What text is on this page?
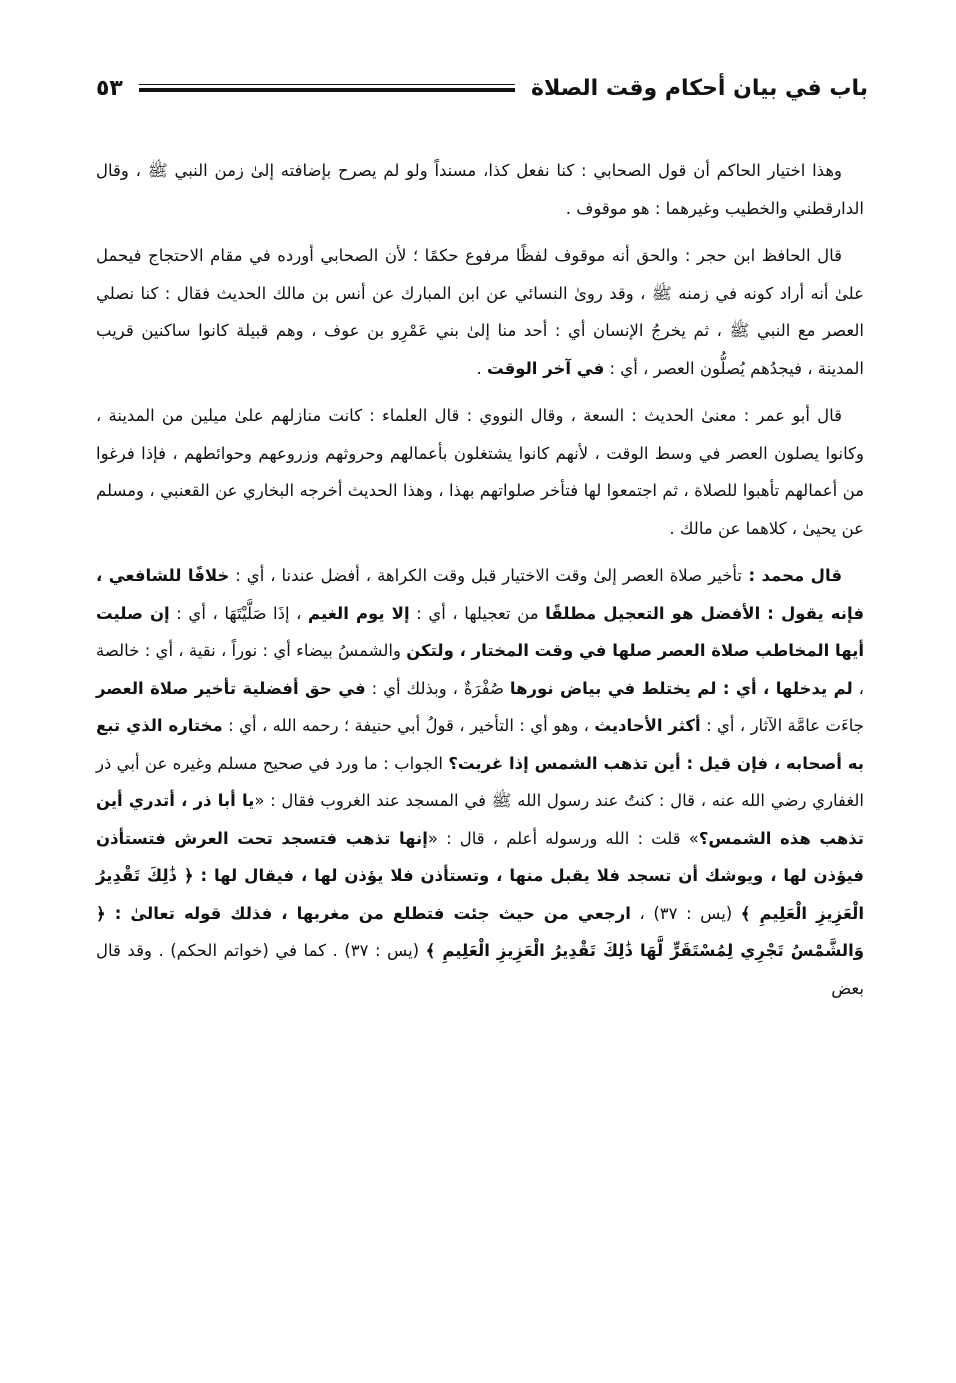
باب في بيان أحكام وقت الصلاة
٥٣

وهذا اختيار الحاكم أن قول الصحابي : كنا نفعل كذا، مسنداً ولو لم يصرح بإضافته إلىٰ زمن النبي ﷺ ، وقال الدارقطني والخطيب وغيرهما : هو موقوف .

قال الحافظ ابن حجر : والحق أنه موقوف لفظًا مرفوع حكمًا ؛ لأن الصحابي أورده في مقام الاحتجاج فيحمل علىٰ أنه أراد كونه في زمنه ﷺ ، وقد روىٰ النسائي عن ابن المبارك عن أنس بن مالك الحديث فقال : كنا نصلي العصر مع النبي ﷺ ، ثم يخرجُ الإنسان أي : أحد منا إلىٰ بني عَمْرِو بن عوف ، وهم قبيلة كانوا ساكنين قريب المدينة ، فيجدُهم يُصلُّون العصر ، أي : في آخر الوقت .

قال أبو عمر : معنىٰ الحديث : السعة ، وقال النووي : قال العلماء : كانت منازلهم علىٰ ميلين من المدينة ، وكانوا يصلون العصر في وسط الوقت ، لأنهم كانوا يشتغلون بأعمالهم وحروثهم وزروعهم وحوائطهم ، فإذا فرغوا من أعمالهم تأهبوا للصلاة ، ثم اجتمعوا لها فتأخر صلواتهم بهذا ، وهذا الحديث أخرجه البخاري عن القعنبي ، ومسلم عن يحيىٰ ، كلاهما عن مالك .

قال محمد : تأخير صلاة العصر إلىٰ وقت الاختيار قبل وقت الكراهة ، أفضل عندنا ، أي : خلافًا للشافعي ، فإنه يقول : الأفضل هو التعجيل مطلقًا من تعجيلها ، أي : إلا يوم الغيم ، إذَا صَلَّيْتَهَا ، أي : إن صليت أيها المخاطب صلاة العصر صلها في وقت المختار ، ولتكن والشمسُ بيضاء أي : نوراً ، نقية ، أي : خالصة ، لم يدخلها ، أي : لم يختلط في بياض نورها صُفْرَةٌ ، وبذلك أي : في حق أفضلية تأخير صلاة العصر جاءَت عامَّة الآثار ، أي : أكثر الأحاديث ، وهو أي : التأخير ، قولُ أبي حنيفة ؛ رحمه الله ، أي : مختاره الذي تبع به أصحابه ، فإن قيل : أين تذهب الشمس إذا غربت؟ الجواب : ما ورد في صحيح مسلم وغيره عن أبي ذر الغفاري رضي الله عنه ، قال : كنتُ عند رسول الله ﷺ في المسجد عند الغروب فقال : «يا أبا ذر ، أتدري أين تذهب هذه الشمس؟» قلت : الله ورسوله أعلم ، قال : «إنها تذهب فتسجد تحت العرش فتستأذن فيؤذن لها ، ويوشك أن تسجد فلا يقبل منها ، وتستأذن فلا يؤذن لها ، فيقال لها : ﴿ ذَٰلِكَ تَقْدِيرُ الْعَزِيزِ الْعَلِيمِ ﴾ (يس : ٣٧) ، ارجعي من حيث جئت فتطلع من مغربها ، فذلك قوله تعالىٰ : ﴿ وَالشَّمْسُ تَجْرِي لِمُسْتَقَرٍّ لَّهَا ذَٰلِكَ تَقْدِيرُ الْعَزِيزِ الْعَلِيمِ ﴾ (يس : ٣٧) . كما في (خواتم الحكم) . وقد قال بعض
